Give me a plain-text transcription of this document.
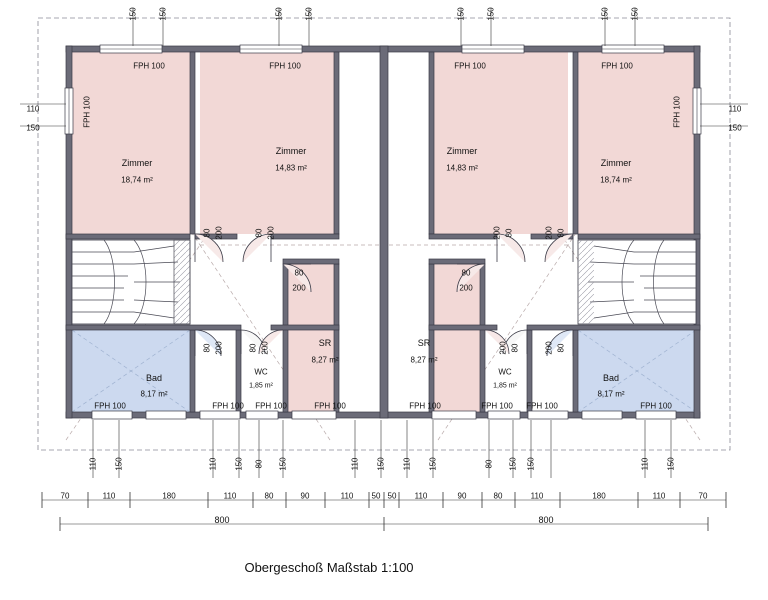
150	150	150	150	150	150	150	150
110
150
110
150
FPH 100	FPH 100	FPH 100	FPH 100
FPH 100	FPH 100
Zimmer
18,74 m²
Zimmer
14,83 m²
Zimmer
14,83 m²	Zimmer
18,74 m²
SR
8,27 m²
SR
8,27 m²
WC
1,85 m²
WC
1,85 m²
Bad
8,17 m²
Bad
8,17 m²
FPH 100	FPH 100 FPH 100	FPH 100	FPH 100	FPH 100 FPH 100	FPH 100
80 200	80 200
80
200
80 200	80 200
80
200
80
200
80
200
80
200
80
200
110 150	110 150 80 150	110 150 110 150	80 150 150	110 150
70	110	180	110	80	90	110 50 50 110	90	80	110	180	110	70
800	800
Obergeschoß Maßstab 1:100
